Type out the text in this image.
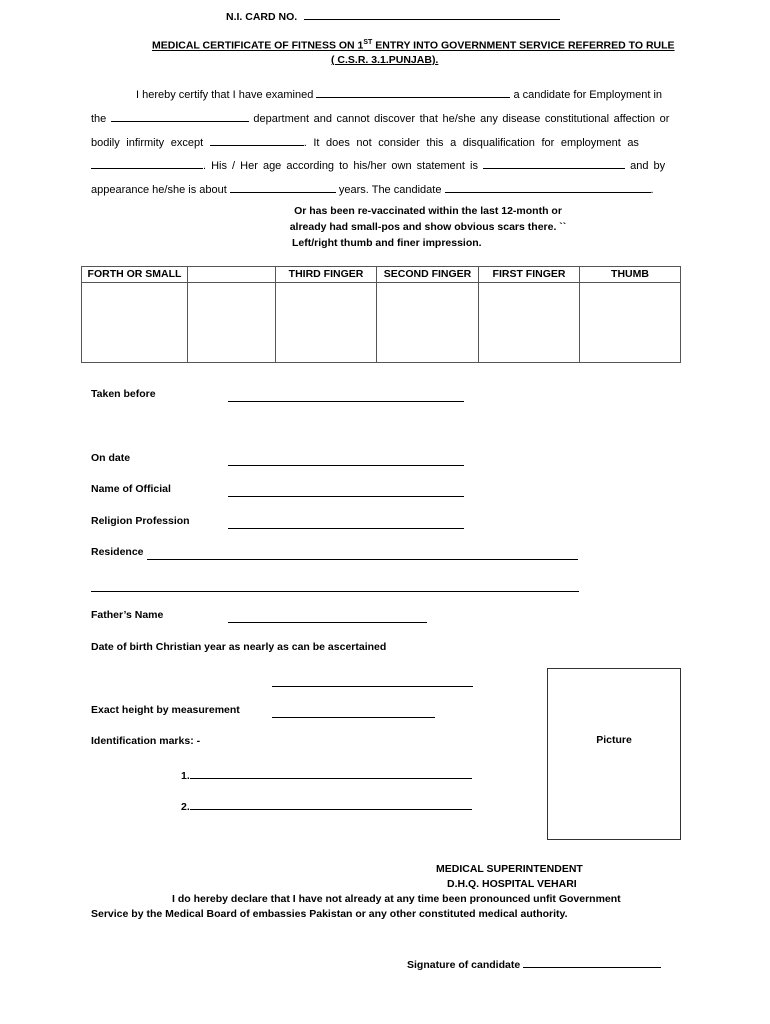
N.I. CARD NO.
MEDICAL CERTIFICATE OF FITNESS ON 1ST ENTRY INTO GOVERNMENT SERVICE REFERRED TO RULE
( C.S.R. 3.1.PUNJAB).
I hereby certify that I have examined	a candidate for Employment in
the	department and cannot discover that he/she any disease constitutional affection or
bodily infirmity except	. It does not consider this a disqualification for employment as
. His / Her age according to his/her own statement is	and by
appearance he/she is about	years. The candidate	.
Or has been re-vaccinated within the last 12-month or
already had small-pos and show obvious scars there. ``
Left/right thumb and finer impression.
FORTH OR SMALL		THIRD FINGER	SECOND FINGER	FIRST FINGER	THUMB

Taken before
On date
Name of Official
Religion Profession
Residence
Father’s Name
Date of birth Christian year as nearly as can be ascertained
Exact height by measurement
Identification marks: -
1.
2.
Picture
MEDICAL SUPERINTENDENT
D.H.Q. HOSPITAL VEHARI
I do hereby declare that I have not already at any time been pronounced unfit Government
Service by the Medical Board of embassies Pakistan or any other constituted medical authority.
Signature of candidate
